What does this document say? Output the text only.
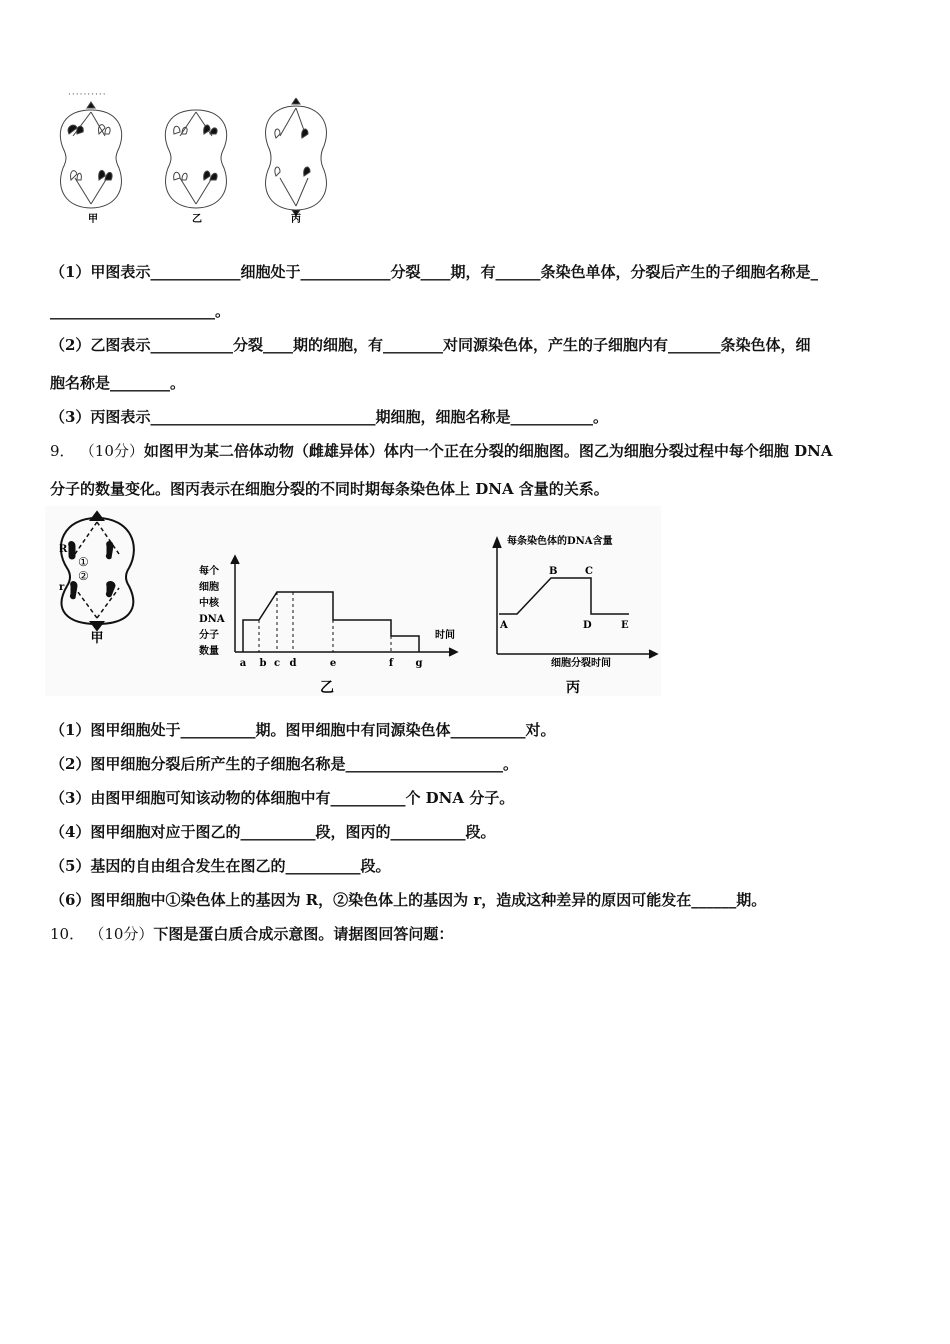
··········
甲	乙	丙
（1）甲图表示____________细胞处于____________分裂____期，有______条染色单体，分裂后产生的子细胞名称是_
______________________。
（2）乙图表示___________分裂____期的细胞，有________对同源染色体，产生的子细胞内有_______条染色体，细
胞名称是________。
（3）丙图表示______________________________期细胞，细胞名称是___________。
9． （10分）如图甲为某二倍体动物（雌雄异体）体内一个正在分裂的细胞图。图乙为细胞分裂过程中每个细胞 DNA
分子的数量变化。图丙表示在细胞分裂的不同时期每条染色体上 DNA 含量的关系。
R
r
①
②
甲
每个
细胞
中核
DNA
分子
数量
时间
a b c d	e	f g
乙
每条染色体的DNA含量
细胞分裂时间
A
B	C
D	E
丙
（1）图甲细胞处于__________期。图甲细胞中有同源染色体__________对。
（2）图甲细胞分裂后所产生的子细胞名称是_____________________。
（3）由图甲细胞可知该动物的体细胞中有__________个 DNA 分子。
（4）图甲细胞对应于图乙的__________段，图丙的__________段。
（5）基因的自由组合发生在图乙的__________段。
（6）图甲细胞中①染色体上的基因为 R，②染色体上的基因为 r，造成这种差异的原因可能发在______期。
10． （10分）下图是蛋白质合成示意图。请据图回答问题：
